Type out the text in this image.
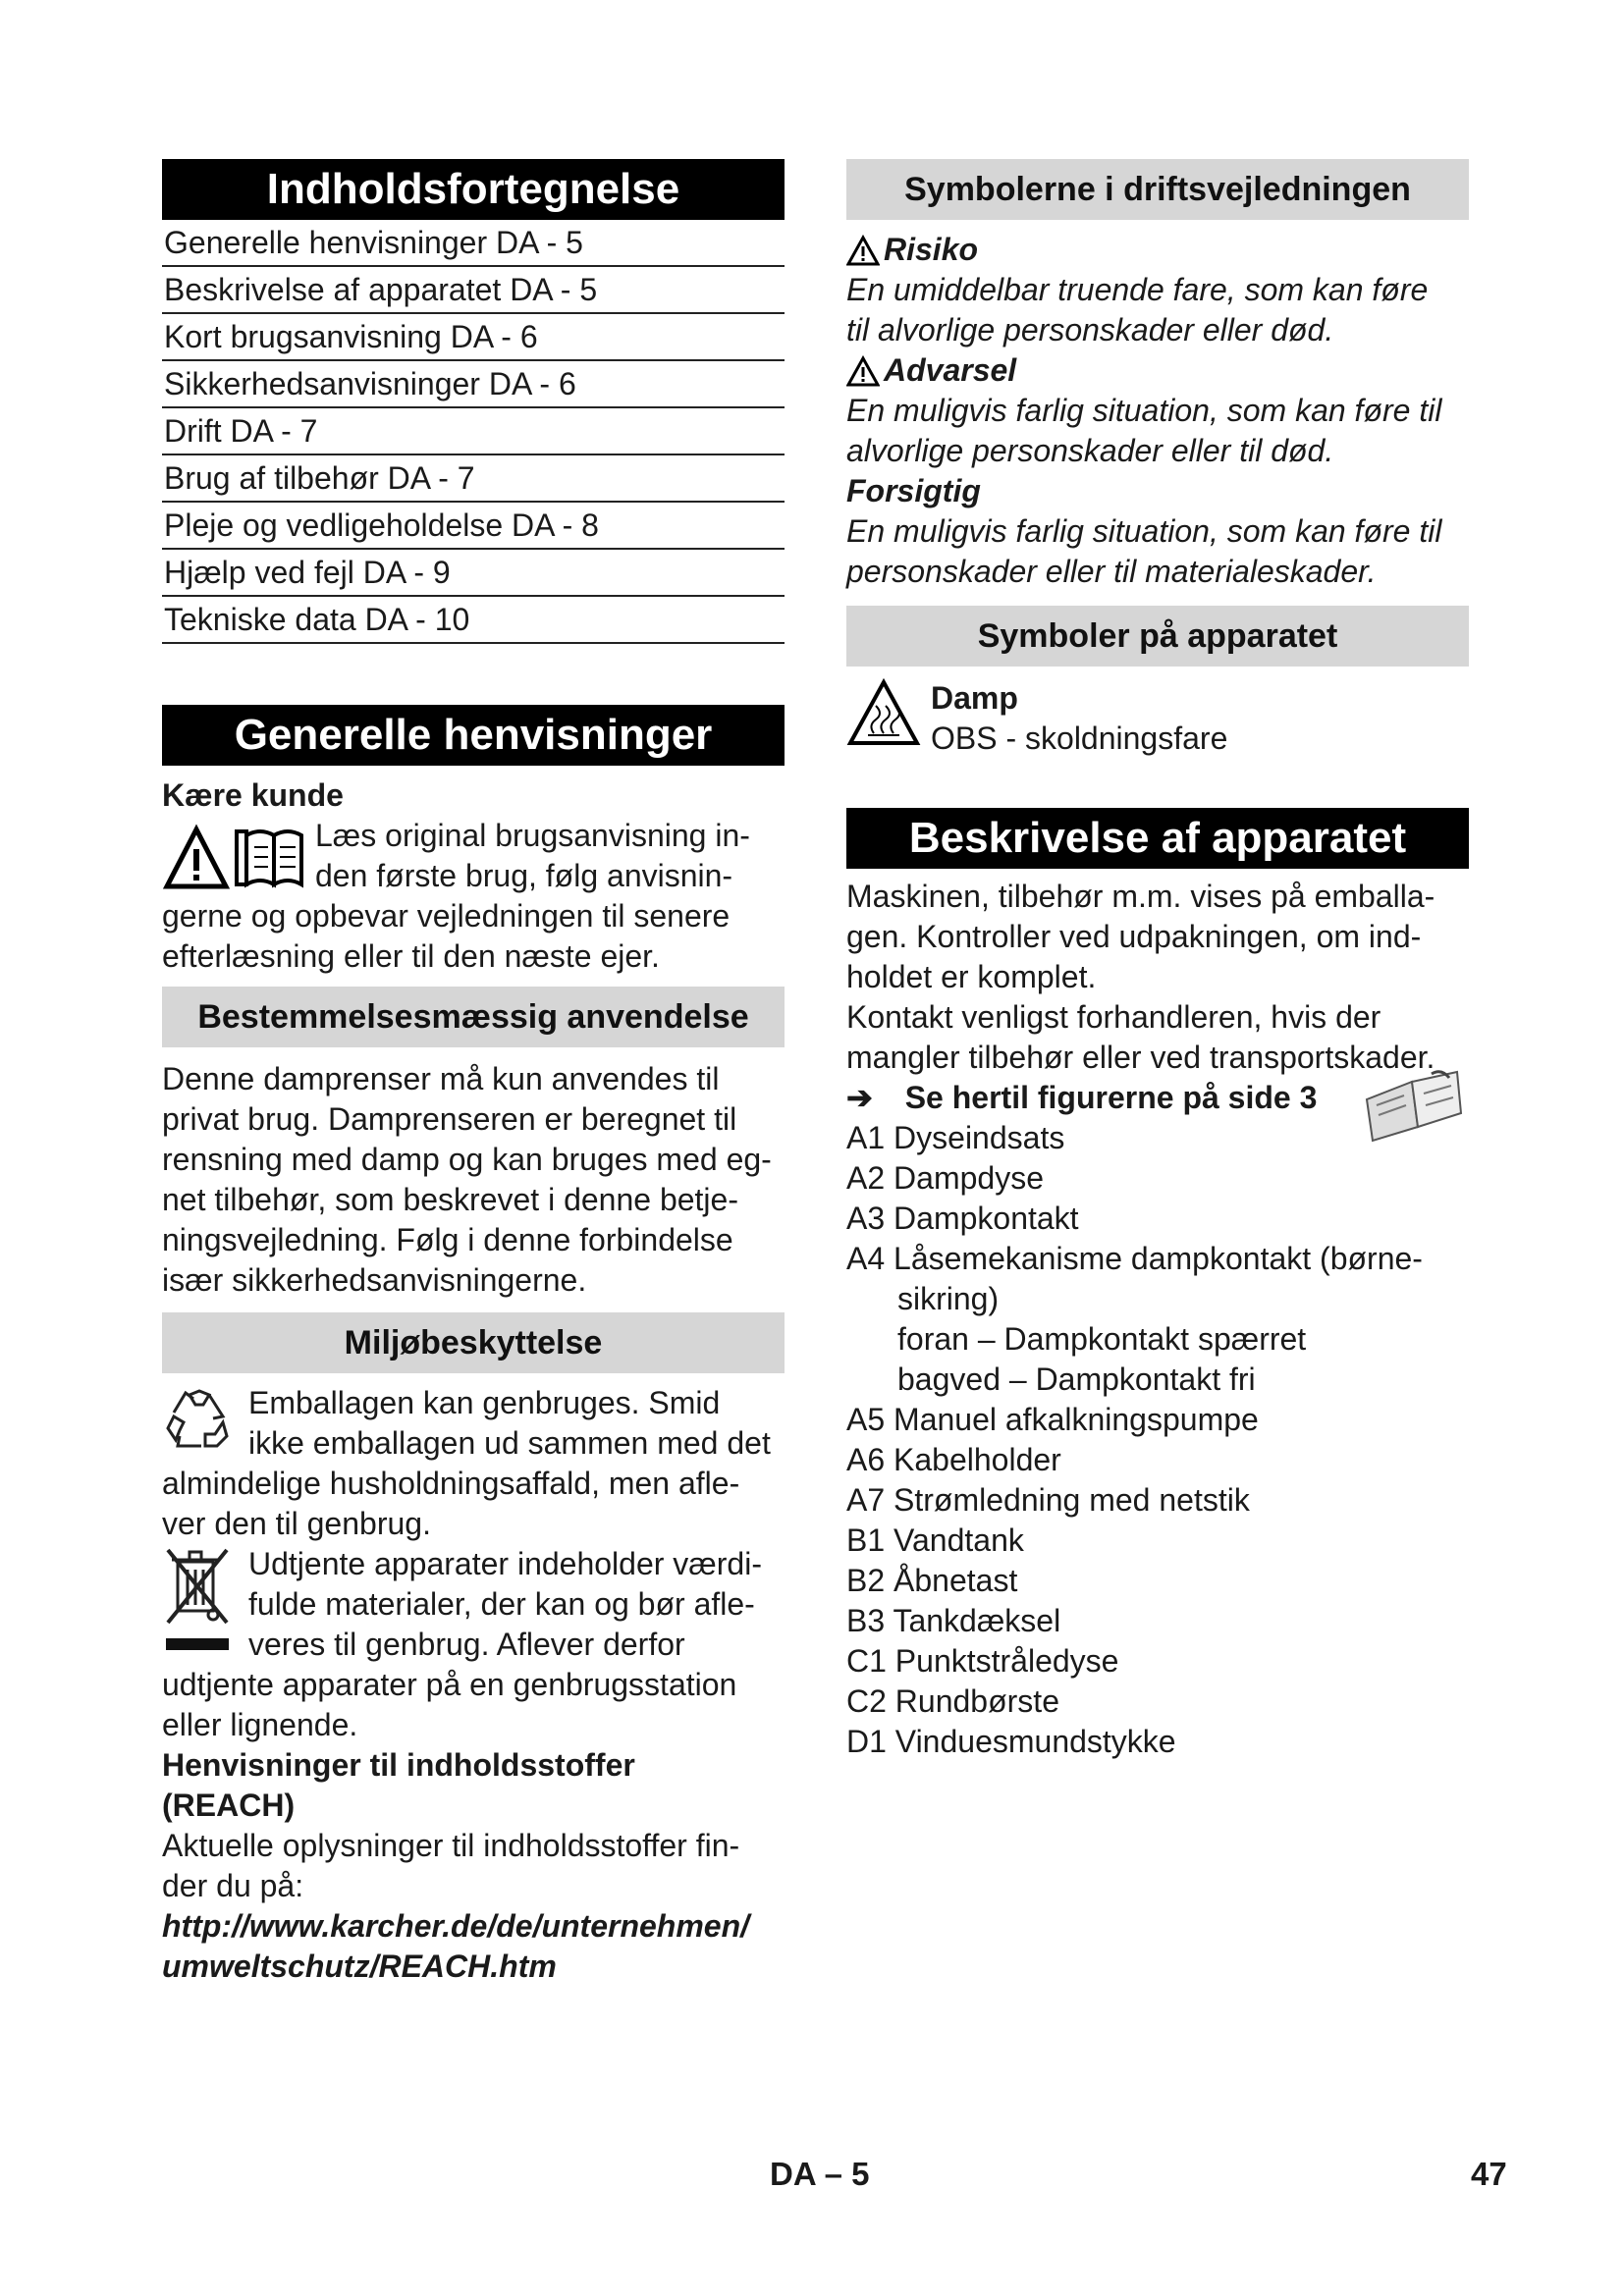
Indholdsfortegnelse
Generelle henvisninger DA - 5
Beskrivelse af apparatet DA - 5
Kort brugsanvisning DA - 6
Sikkerhedsanvisninger DA - 6
Drift DA - 7
Brug af tilbehør DA - 7
Pleje og vedligeholdelse DA - 8
Hjælp ved fejl DA - 9
Tekniske data DA - 10
Generelle henvisninger

Kære kunde

Læs original brugsanvisning in-

den første brug, følg anvisnin-

gerne og opbevar vejledningen til senere

efterlæsning eller til den næste ejer.

Bestemmelsesmæssig anvendelse

Denne damprenser må kun anvendes til

privat brug. Damprenseren er beregnet til

rensning med damp og kan bruges med eg-

net tilbehør, som beskrevet i denne betje-

ningsvejledning. Følg i denne forbindelse

især sikkerhedsanvisningerne.

Miljøbeskyttelse

Emballagen kan genbruges. Smid

ikke emballagen ud sammen med det

almindelige husholdningsaffald, men afle-

ver den til genbrug.

Udtjente apparater indeholder værdi-

fulde materialer, der kan og bør afle-

veres til genbrug. Aflever derfor

udtjente apparater på en genbrugsstation

eller lignende.

Henvisninger til indholdsstoffer

(REACH)

Aktuelle oplysninger til indholdsstoffer fin-

der du på:

http://www.karcher.de/de/unternehmen/

umweltschutz/REACH.htm

Symbolerne i driftsvejledningen
Risiko

En umiddelbar truende fare, som kan føre

til alvorlige personskader eller død.

Advarsel

En muligvis farlig situation, som kan føre til

alvorlige personskader eller til død.

Forsigtig

En muligvis farlig situation, som kan føre til

personskader eller til materialeskader.

Symboler på apparatet

Damp

OBS - skoldningsfare

Beskrivelse af apparatet

Maskinen, tilbehør m.m. vises på emballa-

gen. Kontroller ved udpakningen, om ind-

holdet er komplet.

Kontakt venligst forhandleren, hvis der

mangler tilbehør eller ved transportskader.

➔ Se hertil figurerne på side 3

A1 Dyseindsats
A2 Dampdyse
A3 Dampkontakt
A4 Låsemekanisme dampkontakt (børne-
sikring)
foran – Dampkontakt spærret
bagved – Dampkontakt fri
A5 Manuel afkalkningspumpe
A6 Kabelholder
A7 Strømledning med netstik
B1 Vandtank
B2 Åbnetast
B3 Tankdæksel
C1 Punktstråledyse
C2 Rundbørste
D1 Vinduesmundstykke
DA – 5	47
